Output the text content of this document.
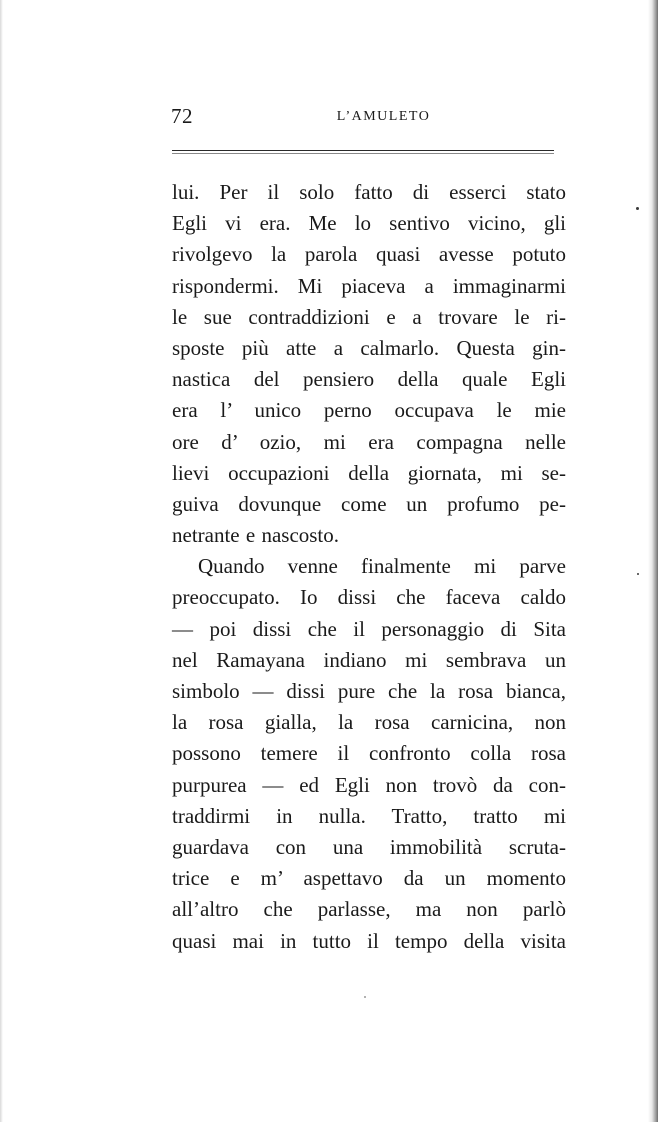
72	L’AMULETO
lui. Per il solo fatto di esserci stato
Egli vi era. Me lo sentivo vicino, gli
rivolgevo la parola quasi avesse potuto
rispondermi. Mi piaceva a immaginarmi
le sue contraddizioni e a trovare le ri-
sposte più atte a calmarlo. Questa gin-
nastica del pensiero della quale Egli
era l’ unico perno occupava le mie
ore d’ ozio, mi era compagna nelle
lievi occupazioni della giornata, mi se-
guiva dovunque come un profumo pe-
netrante e nascosto.
Quando venne finalmente mi parve
preoccupato. Io dissi che faceva caldo
— poi dissi che il personaggio di Sita
nel Ramayana indiano mi sembrava un
simbolo — dissi pure che la rosa bianca,
la rosa gialla, la rosa carnicina, non
possono temere il confronto colla rosa
purpurea — ed Egli non trovò da con-
traddirmi in nulla. Tratto, tratto mi
guardava con una immobilità scruta-
trice e m’ aspettavo da un momento
all’altro che parlasse, ma non parlò
quasi mai in tutto il tempo della visita
